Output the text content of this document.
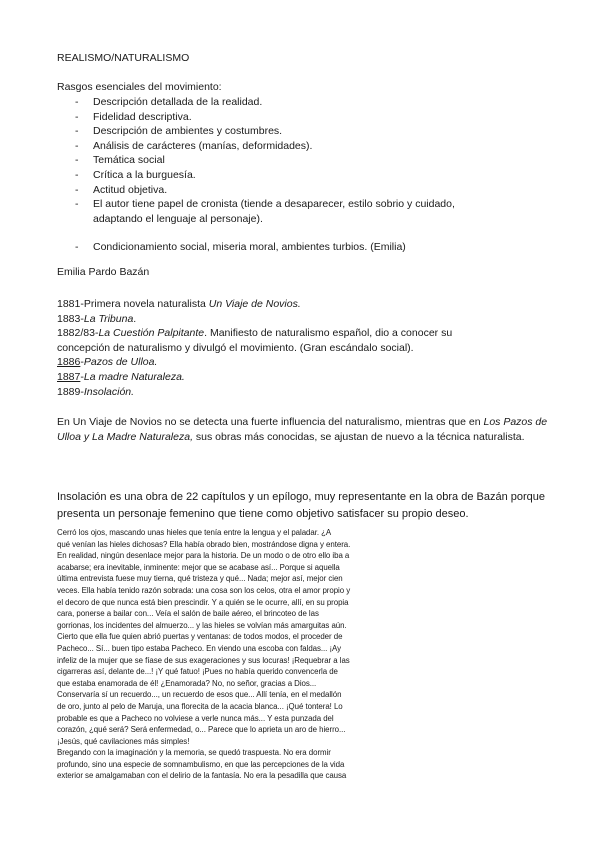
REALISMO/NATURALISMO
Rasgos esenciales del movimiento:
- Descripción detallada de la realidad.
- Fidelidad descriptiva.
- Descripción de ambientes y costumbres.
- Análisis de carácteres (manías, deformidades).
- Temática social
- Crítica a la burguesía.
- Actitud objetiva.
- El autor tiene papel de cronista (tiende a desaparecer, estilo sobrio y cuidado,
adaptando el lenguaje al personaje).
- Condicionamiento social, miseria moral, ambientes turbios. (Emilia)
Emilia Pardo Bazán
1881-Primera novela naturalista Un Viaje de Novios.
1883-La Tribuna.
1882/83-La Cuestión Palpitante. Manifiesto de naturalismo español, dio a conocer su
concepción de naturalismo y divulgó el movimiento. (Gran escándalo social).
1886-Pazos de Ulloa.
1887-La madre Naturaleza.
1889-Insolación.
En Un Viaje de Novios no se detecta una fuerte influencia del naturalismo, mientras que en Los Pazos de Ulloa y La Madre Naturaleza, sus obras más conocidas, se ajustan de nuevo a la técnica naturalista.
Insolación es una obra de 22 capítulos y un epílogo, muy representante en la obra de Bazán porque presenta un personaje femenino que tiene como objetivo satisfacer su propio deseo.
Cerró los ojos, mascando unas hieles que tenía entre la lengua y el paladar. ¿A
qué venían las hieles dichosas? Ella había obrado bien, mostrándose digna y entera.
En realidad, ningún desenlace mejor para la historia. De un modo o de otro ello iba a
acabarse; era inevitable, inminente: mejor que se acabase así... Porque si aquella
última entrevista fuese muy tierna, qué tristeza y qué... Nada; mejor así, mejor cien
veces. Ella había tenido razón sobrada: una cosa son los celos, otra el amor propio y
el decoro de que nunca está bien prescindir. Y a quién se le ocurre, allí, en su propia
cara, ponerse a bailar con... Veía el salón de baile aéreo, el brincoteo de las
gorrionas, los incidentes del almuerzo... y las hieles se volvían más amarguitas aún.
Cierto que ella fue quien abrió puertas y ventanas: de todos modos, el proceder de
Pacheco... Sí... buen tipo estaba Pacheco. En viendo una escoba con faldas... ¡Ay
infeliz de la mujer que se fíase de sus exageraciones y sus locuras! ¡Requebrar a las
cigarreras así, delante de...! ¡Y qué fatuo! ¡Pues no había querido convencerla de
que estaba enamorada de él! ¿Enamorada? No, no señor, gracias a Dios...
Conservaría sí un recuerdo..., un recuerdo de esos que... Allí tenía, en el medallón
de oro, junto al pelo de Maruja, una florecita de la acacia blanca... ¡Qué tontera! Lo
probable es que a Pacheco no volviese a verle nunca más... Y esta punzada del
corazón, ¿qué será? Será enfermedad, o... Parece que lo aprieta un aro de hierro...
¡Jesús, qué cavilaciones más simples!
Bregando con la imaginación y la memoria, se quedó traspuesta. No era dormir
profundo, sino una especie de somnambulismo, en que las percepciones de la vida
exterior se amalgamaban con el delirio de la fantasía. No era la pesadilla que causa
